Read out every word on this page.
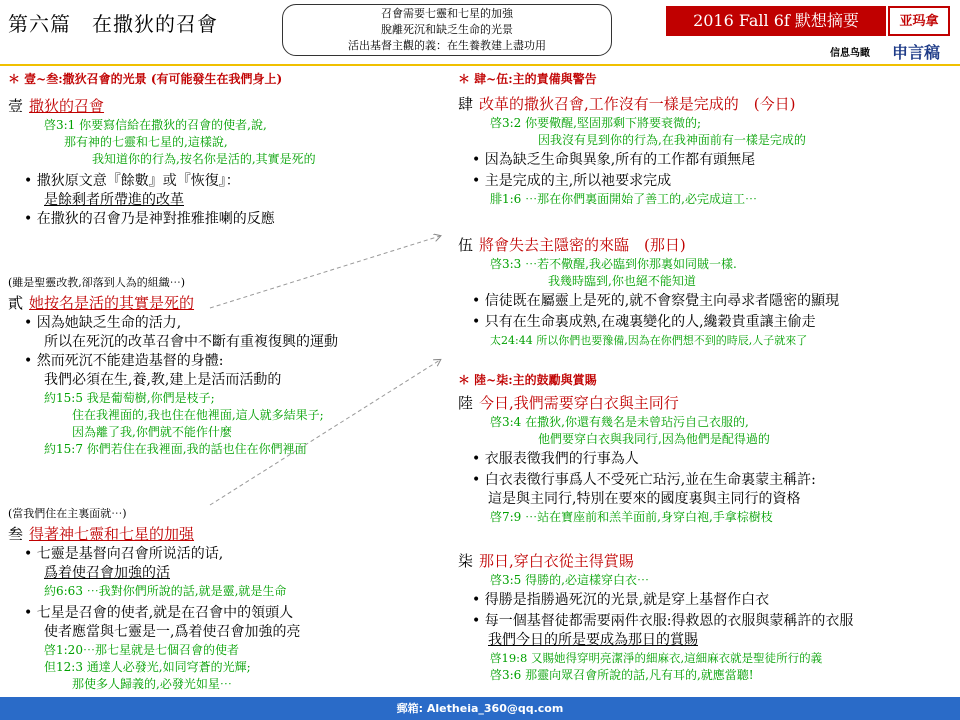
第六篇　在撒狄的召會	召會需要七靈和七星的加強
脫離死沉和缺乏生命的光景
活出基督主觀的義：在生養教建上盡功用
2016 Fall 6f 默想摘要	亚玛拿
信息鸟瞰 申言稿
＊ 壹~叁:撒狄召會的光景 (有可能發生在我們身上)
壹 撒狄的召會
啓3:1 你要寫信給在撒狄的召會的使者,說,
那有神的七靈和七星的,這樣說,
我知道你的行為,按名你是活的,其實是死的
• 撒狄原文意『餘數』或『恢復』：
是餘剩者所帶進的改革
• 在撒狄的召會乃是神對推雅推喇的反應
(雖是聖靈改教,卻落到人為的組織⋯)
貳 她按名是活的其實是死的
• 因為她缺乏生命的活力,
所以在死沉的改革召會中不斷有重複復興的運動
• 然而死沉不能建造基督的身體:
我們必須在生,養,教,建上是活而活動的
約15:5 我是葡萄樹,你們是枝子;
住在我裡面的,我也住在他裡面,這人就多結果子;
因為離了我,你們就不能作什麼
約15:7 你們若住在我裡面,我的話也住在你們裡面
(當我們住在主裏面就⋯)
叁 得著神七靈和七星的加强
• 七靈是基督向召會所说活的话,
爲着使召會加強的活
約6:63 ⋯我對你們所說的話,就是靈,就是生命
• 七星是召會的使者,就是在召會中的領頭人
使者應當與七靈是一,爲着使召會加強的亮
啓1:20⋯那七星就是七個召會的使者
但12:3 通達人必發光,如同穹蒼的光輝;
那使多人歸義的,必發光如星⋯
＊ 肆~伍:主的責備與警告
肆 改革的撒狄召會,工作沒有一樣是完成的　(今日)
啓3:2 你要儆醒,堅固那剩下將要衰微的;
因我沒有見到你的行為,在我神面前有一樣是完成的
• 因為缺乏生命與異象,所有的工作都有頭無尾
• 主是完成的主,所以祂要求完成
腓1:6 ⋯那在你們裏面開始了善工的,必完成這工⋯
伍 將會失去主隱密的來臨　(那日)
啓3:3 ⋯若不儆醒,我必臨到你那裏如同賊一樣.
我幾時臨到,你也絕不能知道
• 信徒既在屬靈上是死的,就不會察覺主向尋求者隱密的顯現
• 只有在生命裏成熟,在魂裏變化的人,纔穀貴重讓主偷走
太24:44 所以你們也要豫備,因為在你們想不到的時辰,人子就來了
＊ 陸~柒:主的鼓勵與賞賜
陸 今日,我們需要穿白衣與主同行
啓3:4 在撒狄,你還有幾名是未曾玷污自己衣服的,
他們要穿白衣與我同行,因為他們是配得過的
• 衣服表徵我們的行事為人
• 白衣表徵行事爲人不受死亡玷污,並在生命裏蒙主稱許:
這是與主同行,特別在要來的國度裏與主同行的資格
啓7:9 ⋯站在寶座前和羔羊面前,身穿白袍,手拿棕樹枝
柒 那日,穿白衣從主得賞賜
啓3:5 得勝的,必這樣穿白衣⋯
• 得勝是指勝過死沉的光景,就是穿上基督作白衣
• 每一個基督徒都需要兩件衣服:得救恩的衣服與蒙稱許的衣服
我們今日的所是要成為那日的賞賜
啓19:8 又賜她得穿明亮潔淨的細麻衣,這細麻衣就是聖徒所行的義
啓3:6 那靈向眾召會所說的話,凡有耳的,就應當聽!
郵箱: Aletheia_360@qq.com
